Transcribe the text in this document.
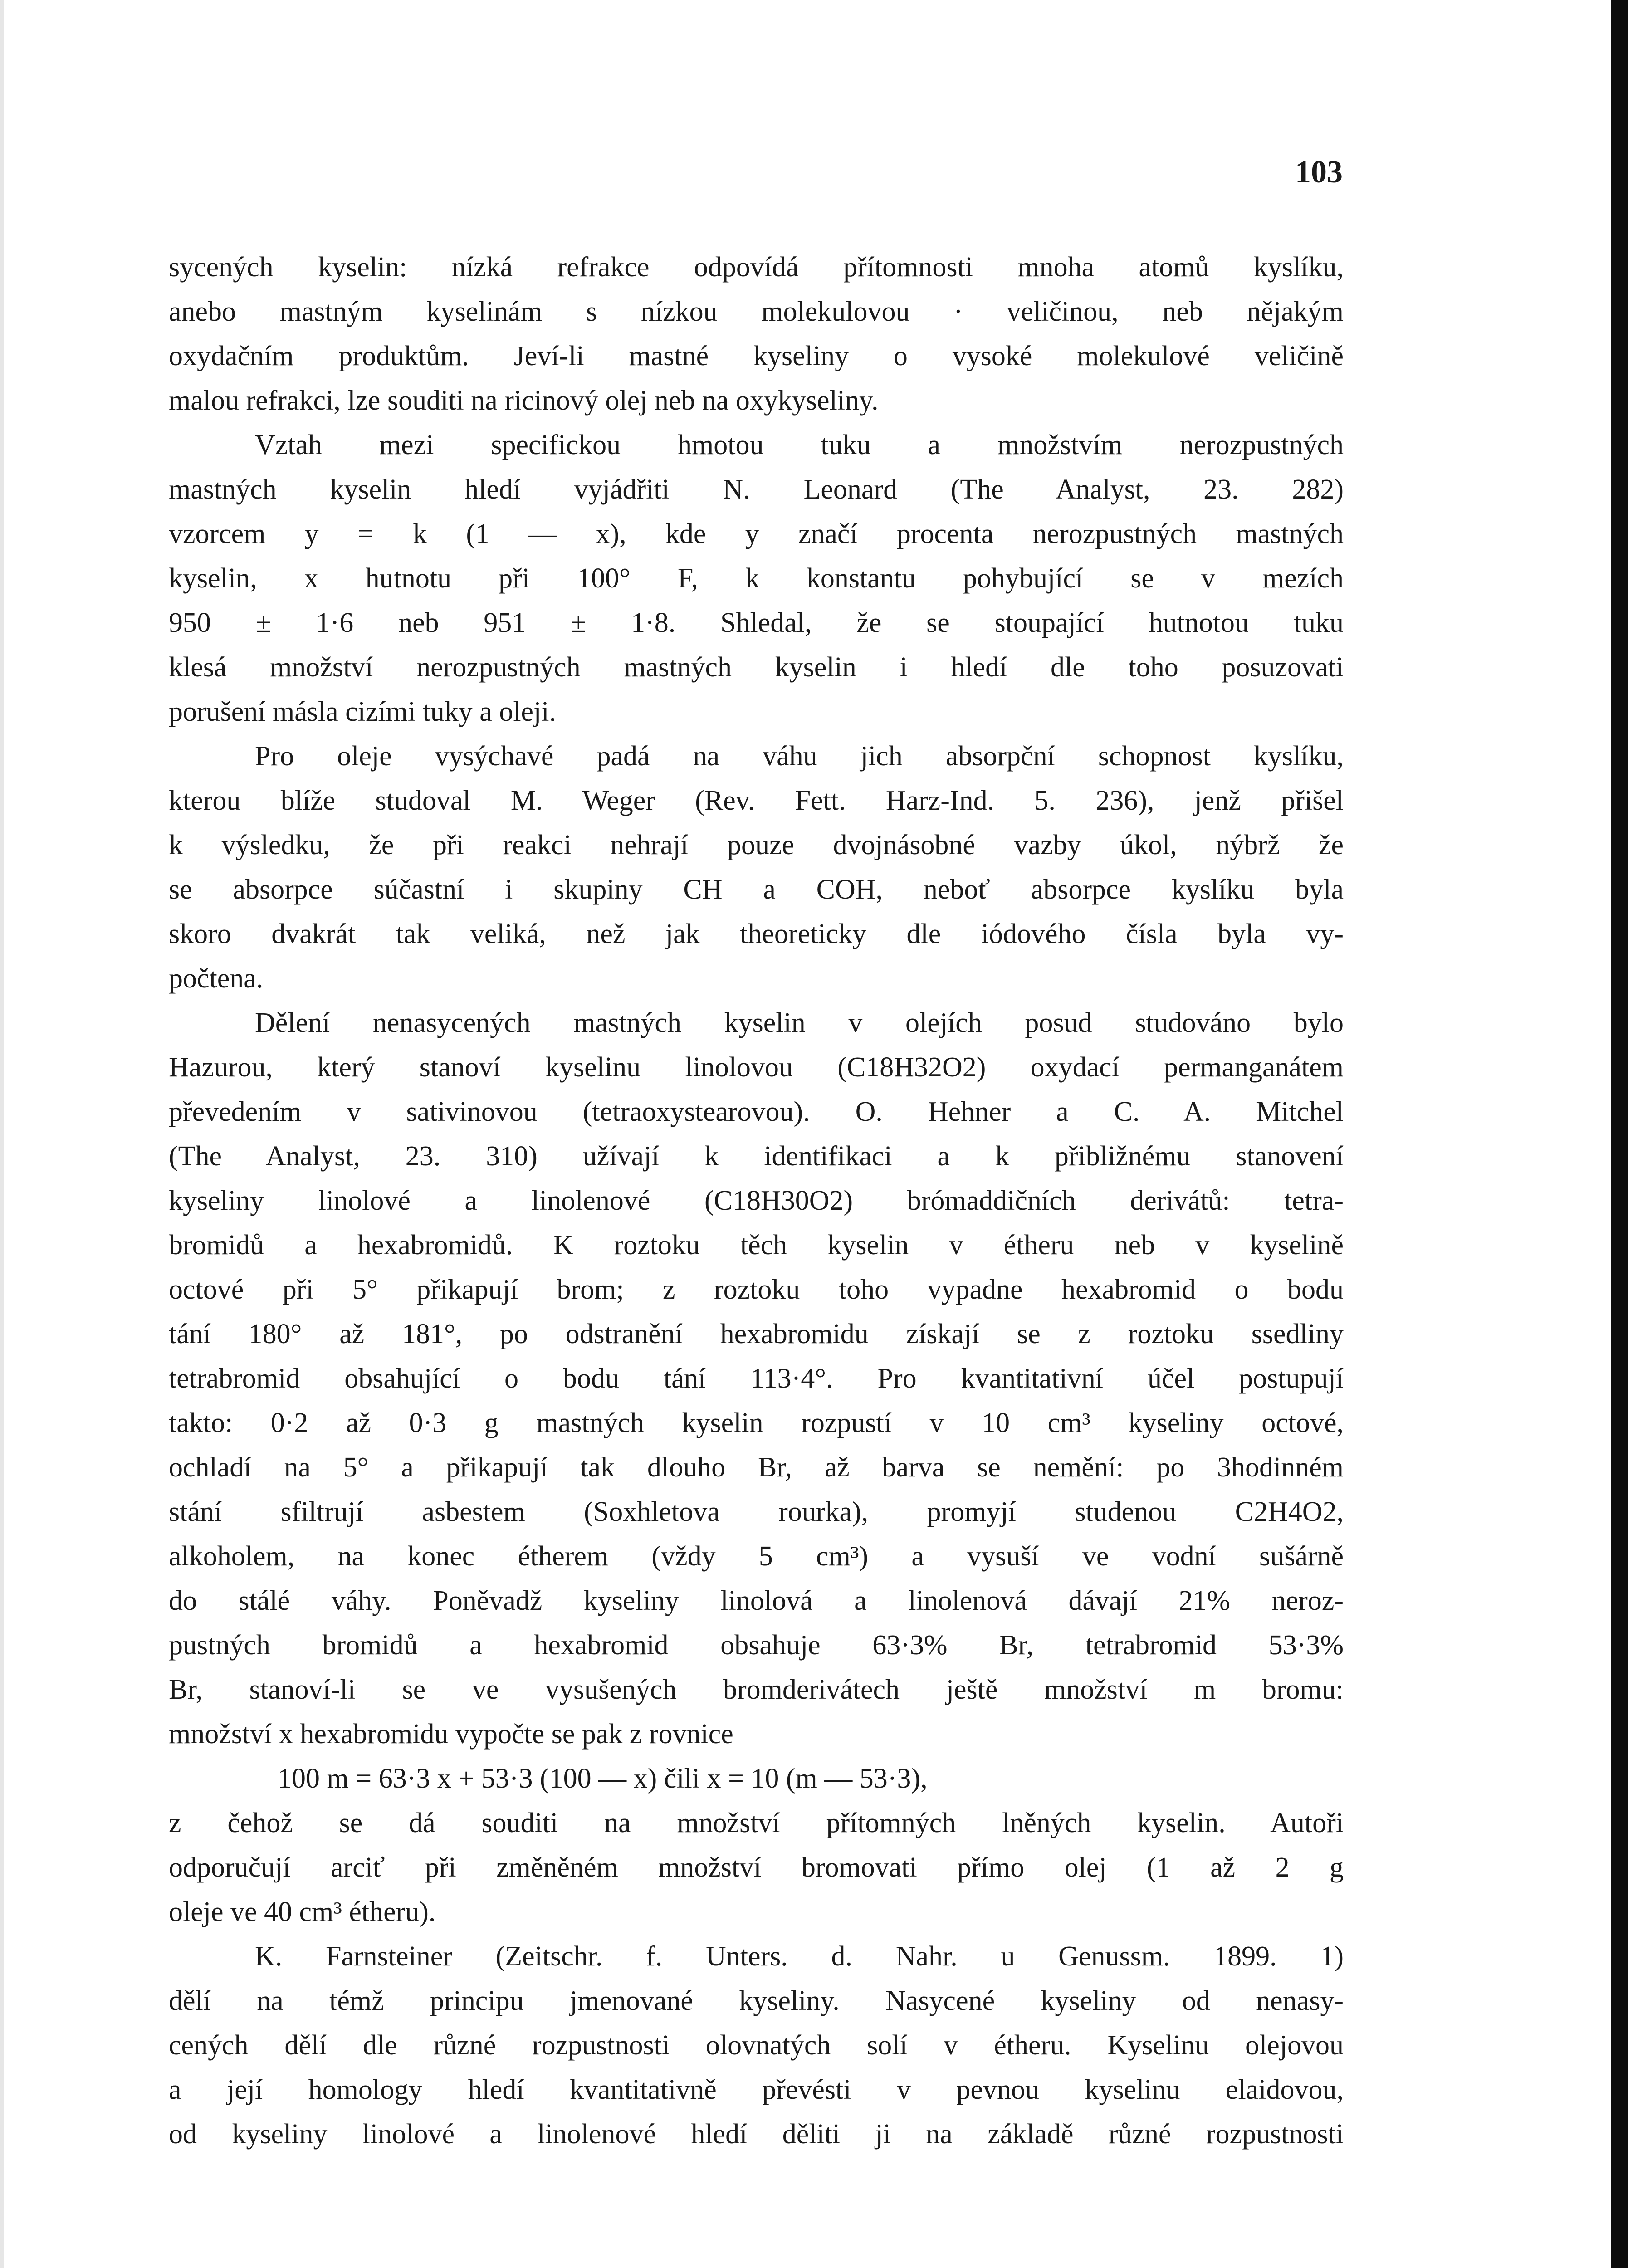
103
sycených kyselin: nízká refrakce odpovídá přítomnosti mnoha atomů kyslíku,
anebo mastným kyselinám s nízkou molekulovou · veličinou, neb nějakým
oxydačním produktům. Jeví-li mastné kyseliny o vysoké molekulové veličině
malou refrakci, lze souditi na ricinový olej neb na oxykyseliny.
Vztah mezi specifickou hmotou tuku a množstvím nerozpustných
mastných kyselin hledí vyjádřiti N. Leonard (The Analyst, 23. 282)
vzorcem y = k (1 — x), kde y značí procenta nerozpustných mastných
kyselin, x hutnotu při 100° F, k konstantu pohybující se v mezích
950 ± 1·6 neb 951 ± 1·8. Shledal, že se stoupající hutnotou tuku
klesá množství nerozpustných mastných kyselin i hledí dle toho posuzovati
porušení másla cizími tuky a oleji.
Pro oleje vysýchavé padá na váhu jich absorpční schopnost kyslíku,
kterou blíže studoval M. Weger (Rev. Fett. Harz-Ind. 5. 236), jenž přišel
k výsledku, že při reakci nehrají pouze dvojnásobné vazby úkol, nýbrž že
se absorpce súčastní i skupiny CH a COH, neboť absorpce kyslíku byla
skoro dvakrát tak veliká, než jak theoreticky dle iódového čísla byla vy-
počtena.
Dělení nenasycených mastných kyselin v olejích posud studováno bylo
Hazurou, který stanoví kyselinu linolovou (C18H32O2) oxydací permanganátem
převedením v sativinovou (tetraoxystearovou). O. Hehner a C. A. Mitchel
(The Analyst, 23. 310) užívají k identifikaci a k přibližnému stanovení
kyseliny linolové a linolenové (C18H30O2) brómaddičních derivátů: tetra-
bromidů a hexabromidů. K roztoku těch kyselin v étheru neb v kyselině
octové při 5° přikapují brom; z roztoku toho vypadne hexabromid o bodu
tání 180° až 181°, po odstranění hexabromidu získají se z roztoku ssedliny
tetrabromid obsahující o bodu tání 113·4°. Pro kvantitativní účel postupují
takto: 0·2 až 0·3 g mastných kyselin rozpustí v 10 cm³ kyseliny octové,
ochladí na 5° a přikapují tak dlouho Br, až barva se nemění: po 3hodinném
stání sfiltrují asbestem (Soxhletova rourka), promyjí studenou C2H4O2,
alkoholem, na konec étherem (vždy 5 cm³) a vysuší ve vodní sušárně
do stálé váhy. Poněvadž kyseliny linolová a linolenová dávají 21% neroz-
pustných bromidů a hexabromid obsahuje 63·3% Br, tetrabromid 53·3%
Br, stanoví-li se ve vysušených bromderivátech ještě množství m bromu:
množství x hexabromidu vypočte se pak z rovnice
100 m = 63·3 x + 53·3 (100 — x) čili x = 10 (m — 53·3),
z čehož se dá souditi na množství přítomných lněných kyselin. Autoři
odporučují arciť při změněném množství bromovati přímo olej (1 až 2 g
oleje ve 40 cm³ étheru).
K. Farnsteiner (Zeitschr. f. Unters. d. Nahr. u Genussm. 1899. 1)
dělí na témž principu jmenované kyseliny. Nasycené kyseliny od nenasy-
cených dělí dle různé rozpustnosti olovnatých solí v étheru. Kyselinu olejovou
a její homology hledí kvantitativně převésti v pevnou kyselinu elaidovou,
od kyseliny linolové a linolenové hledí děliti ji na základě různé rozpustnosti
